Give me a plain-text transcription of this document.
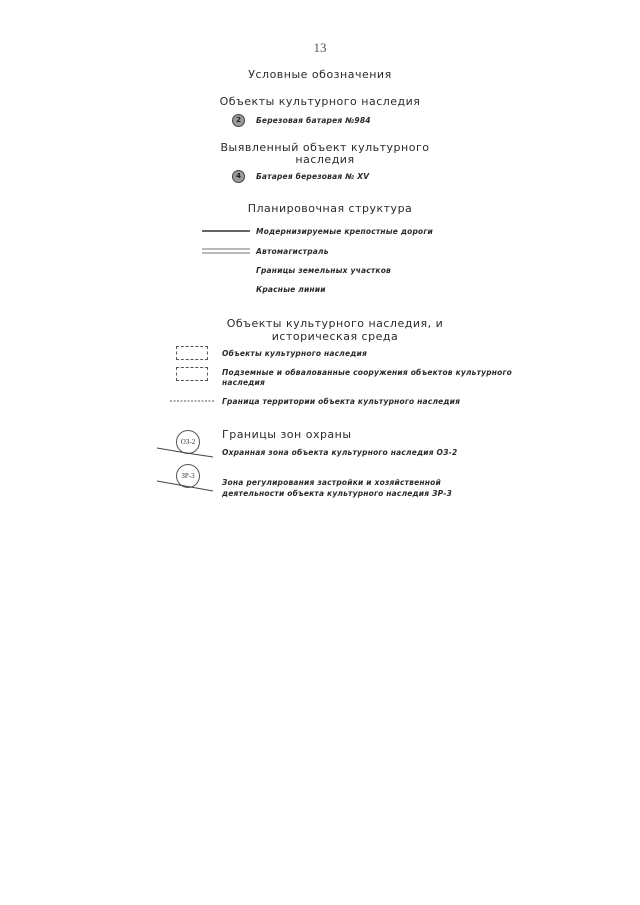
13
Условные обозначения
Объекты культурного наследия
2	Березовая батарея №984
Выявленный объект культурного
наследия
4	Батарея березовая № XV
Планировочная структура
Модернизируемые крепостные дороги
Автомагистраль
Границы земельных участков
Красные линии
Объекты культурного наследия, и
историческая среда
Объекты культурного наследия
Подземные и обвалованные сооружения объектов культурного
наследия
Граница территории объекта культурного наследия
Границы зон охраны
ОЗ-2
Охранная зона объекта культурного наследия ОЗ-2
ЗР-3
Зона регулирования застройки и хозяйственной
деятельности объекта культурного наследия ЗР-3
